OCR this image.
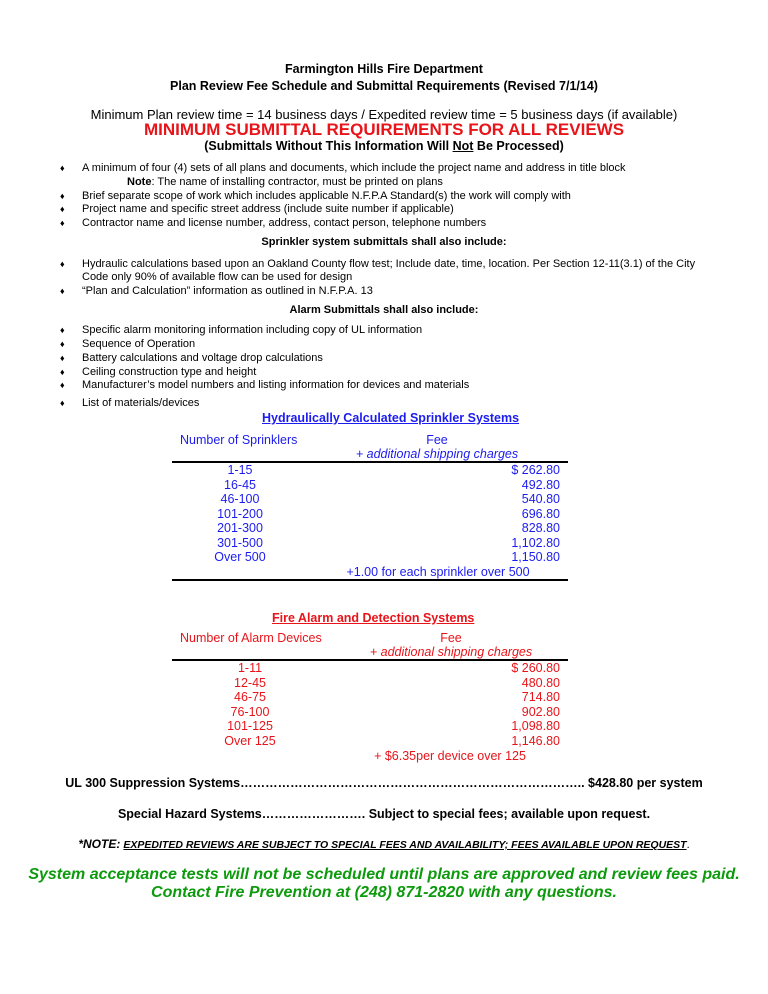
Farmington Hills Fire Department
Plan Review Fee Schedule and Submittal Requirements (Revised 7/1/14)
Minimum Plan review time = 14 business days / Expedited review time = 5 business days (if available)
MINIMUM SUBMITTAL REQUIREMENTS FOR ALL REVIEWS
(Submittals Without This Information Will Not Be Processed)
♦ A minimum of four (4) sets of all plans and documents, which include the project name and address in title block
Note: The name of installing contractor, must be printed on plans
♦ Brief separate scope of work which includes applicable N.F.P.A Standard(s) the work will comply with
♦ Project name and specific street address (include suite number if applicable)
♦ Contractor name and license number, address, contact person, telephone numbers
Sprinkler system submittals shall also include:
♦ Hydraulic calculations based upon an Oakland County flow test; Include date, time, location. Per Section 12-11(3.1) of the City
Code only 90% of available flow can be used for design
♦ “Plan and Calculation” information as outlined in N.F.P.A. 13
Alarm Submittals shall also include:
♦ Specific alarm monitoring information including copy of UL information
♦ Sequence of Operation
♦ Battery calculations and voltage drop calculations
♦ Ceiling construction type and height
♦ Manufacturer’s model numbers and listing information for devices and materials
♦ List of materials/devices
Hydraulically Calculated Sprinkler Systems
Number of Sprinklers	Fee
+ additional shipping charges
1-15
16-45
46-100
101-200
201-300
301-500
Over 500
$ 262.80
492.80
540.80
696.80
828.80
1,102.80
1,150.80
+1.00 for each sprinkler over 500
Fire Alarm and Detection Systems
Number of Alarm Devices	Fee
+ additional shipping charges
1-11
12-45
46-75
76-100
101-125
Over 125
$ 260.80
480.80
714.80
902.80
1,098.80
1,146.80
+ $6.35per device over 125
UL 300 Suppression Systems……………………………………………………………………….. $428.80 per system
Special Hazard Systems……………………. Subject to special fees; available upon request.
*NOTE: EXPEDITED REVIEWS ARE SUBJECT TO SPECIAL FEES AND AVAILABILITY; FEES AVAILABLE UPON REQUEST.
System acceptance tests will not be scheduled until plans are approved and review fees paid.
Contact Fire Prevention at (248) 871-2820 with any questions.
